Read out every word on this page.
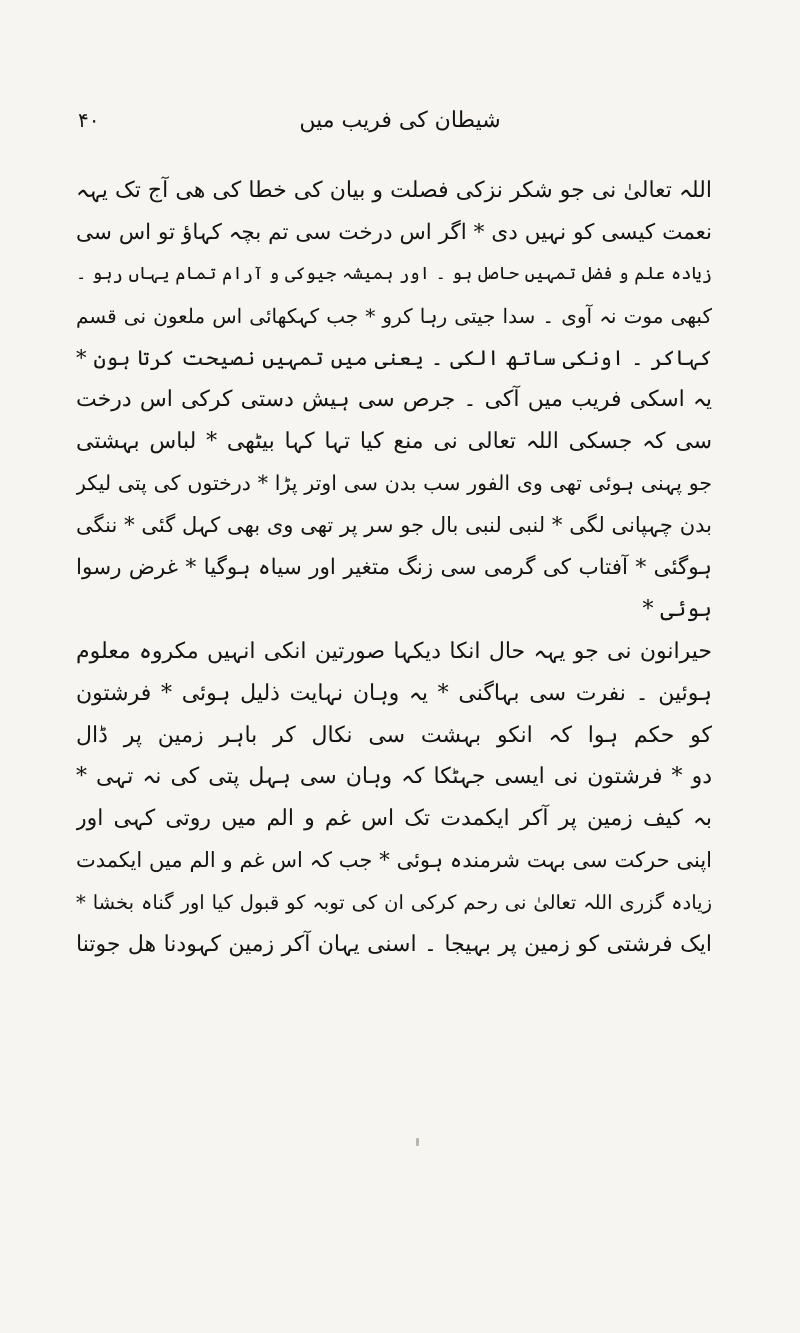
۴۰	شیطان کی فریب میں
اللہ تعالیٰ نی جو شکر نزکی فصلت و بیان کی خطا کی ھی آج تک یہہ
نعمت کیسی کو نہیں دی * اگر اس درخت سی تم بچہ کہاؤ تو اس سی
زیادہ علم و فضل تمہیں حاصل ہو ۔ اور ہمیشہ جیوکی و آرام تمام یہاں رہو ۔
کبھی موت نہ آوی ۔ سدا جیتی رہا کرو * جب کہکھائی اس ملعون نی قسم
کہاکر ۔ اونکی ساتھ الکی ۔ یعنی میں تمہیں نصیحت کرتا ہون *
یہ اسکی فریب میں آکی ۔ جرص سی ہیش دستی کرکی اس درخت
سی کہ جسکی اللہ تعالی نی منع کیا تہا کہا بیٹھی * لباس بہشتی
جو پہنی ہوئی تھی وی الفور سب بدن سی اوتر پڑا * درختوں کی پتی لیکر
بدن چہپانی لگی * لنبی لنبی بال جو سر پر تھی وی بھی کہل گئی * ننگی
ہوگئی * آفتاب کی گرمی سی زنگ متغیر اور سیاہ ہوگیا * غرض رسوا
ہوئی *
حیرانون نی جو یہہ حال انکا دیکہا صورتین انکی انہیں مکروہ معلوم
ہوئین ۔ نفرت سی بہاگنی * یہ وہان نہایت ذلیل ہوئی * فرشتون
کو حکم ہوا کہ انکو بہشت سی نکال کر باہر زمین پر ڈال
دو * فرشتون نی ایسی جہٹکا کہ وہان سی ہہل پتی کی نہ تہی *
بہ کیف زمین پر آکر ایکمدت تک اس غم و الم میں روتی کہی اور
اپنی حرکت سی بہت شرمندہ ہوئی * جب کہ اس غم و الم میں ایکمدت
زیادہ گزری اللہ تعالیٰ نی رحم کرکی ان کی توبہ کو قبول کیا اور گناہ بخشا *
ایک فرشتی کو زمین پر بہیجا ۔ اسنی یہان آکر زمین کہودنا ھل جوتنا
